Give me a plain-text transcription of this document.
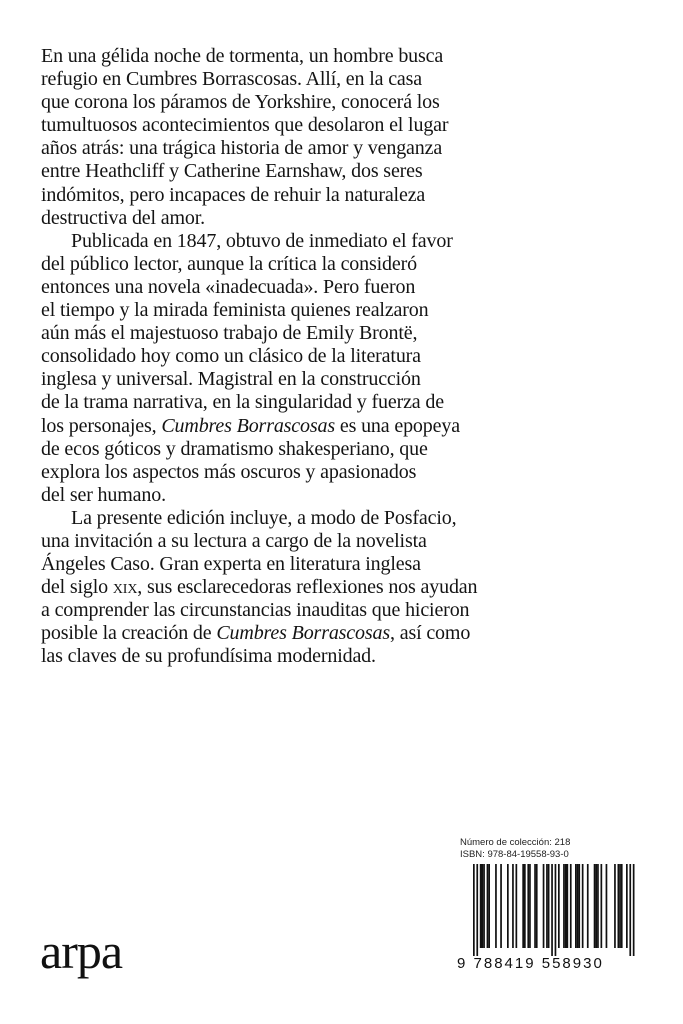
En una gélida noche de tormenta, un hombre busca
refugio en Cumbres Borrascosas. Allí, en la casa
que corona los páramos de Yorkshire, conocerá los
tumultuosos acontecimientos que desolaron el lugar
años atrás: una trágica historia de amor y venganza
entre Heathcliff y Catherine Earnshaw, dos seres
indómitos, pero incapaces de rehuir la naturaleza
destructiva del amor.

Publicada en 1847, obtuvo de inmediato el favor
del público lector, aunque la crítica la consideró
entonces una novela «inadecuada». Pero fueron
el tiempo y la mirada feminista quienes realzaron
aún más el majestuoso trabajo de Emily Brontë,
consolidado hoy como un clásico de la literatura
inglesa y universal. Magistral en la construcción
de la trama narrativa, en la singularidad y fuerza de
los personajes, Cumbres Borrascosas es una epopeya
de ecos góticos y dramatismo shakesperiano, que
explora los aspectos más oscuros y apasionados
del ser humano.

La presente edición incluye, a modo de Posfacio,
una invitación a su lectura a cargo de la novelista
Ángeles Caso. Gran experta en literatura inglesa
del siglo xix, sus esclarecedoras reflexiones nos ayudan
a comprender las circunstancias inauditas que hicieron
posible la creación de Cumbres Borrascosas, así como
las claves de su profundísima modernidad.

Número de colección: 218
ISBN: 978-84-19558-93-0
9 788419 558930
arpa
